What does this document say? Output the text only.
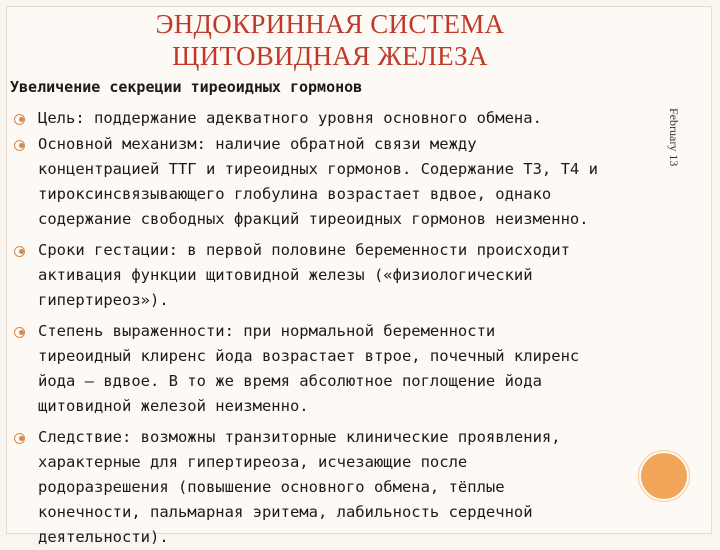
ЭНДОКРИННАЯ СИСТЕМА
ЩИТОВИДНАЯ ЖЕЛЕЗА
Увеличение секреции тиреоидных гормонов
February 13
Цель: поддержание адекватного уровня основного обмена.
Основной механизм: наличие обратной связи между
концентрацией ТТГ и тиреоидных гормонов. Содержание Т3, Т4 и
тироксинсвязывающего глобулина возрастает вдвое, однако
содержание свободных фракций тиреоидных гормонов неизменно.
Сроки гестации: в первой половине беременности происходит
активация функции щитовидной железы («физиологический
гипертиреоз»).
Степень выраженности: при нормальной беременности
тиреоидный клиренс йода возрастает втрое, почечный клиренс
йода — вдвое. В то же время абсолютное поглощение йода
щитовидной железой неизменно.
Следствие: возможны транзиторные клинические проявления,
характерные для гипертиреоза, исчезающие после
родоразрешения (повышение основного обмена, тёплые
конечности, пальмарная эритема, лабильность сердечной
деятельности).
